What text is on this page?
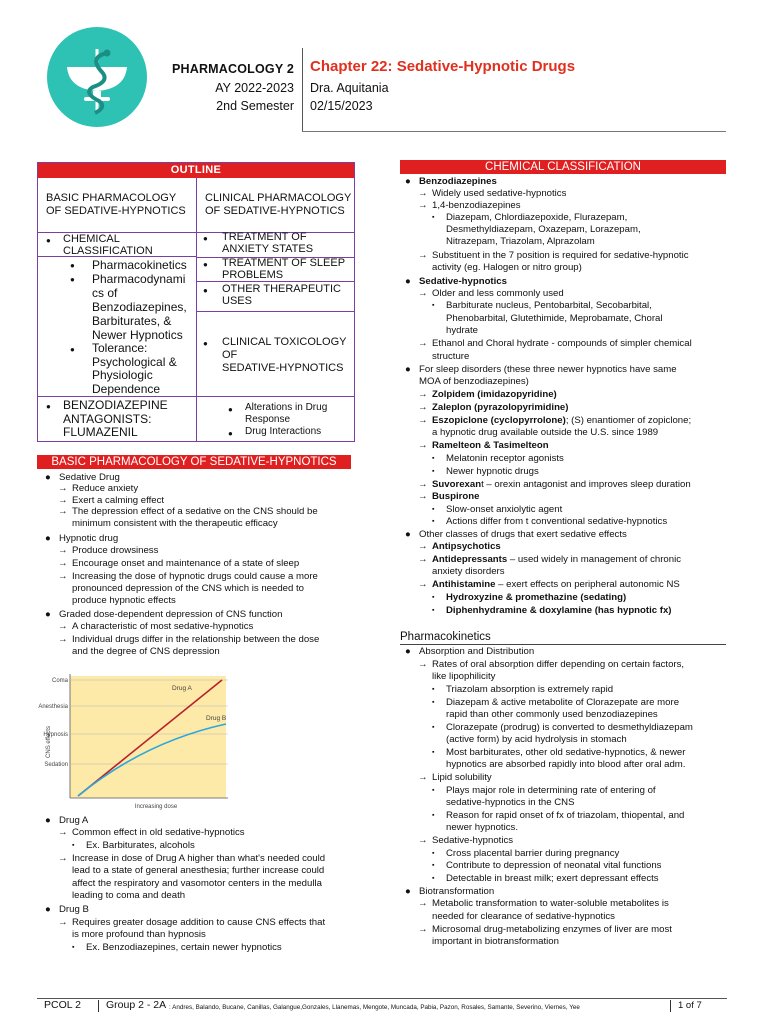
PHARMACOLOGY 2
AY 2022-2023
2nd Semester
Chapter 22: Sedative-Hypnotic Drugs
Dra. Aquitania
02/15/2023
OUTLINE
BASIC PHARMACOLOGY
OF SEDATIVE-HYPNOTICS
CLINICAL PHARMACOLOGY
OF SEDATIVE-HYPNOTICS
● CHEMICAL
CLASSIFICATION
● Pharmacokinetics
● Pharmacodynami
cs of
Benzodiazepines,
Barbiturates, &
Newer Hypnotics
● Tolerance:
Psychological &
Physiologic
Dependence
● BENZODIAZEPINE
ANTAGONISTS:
FLUMAZENIL
● TREATMENT OF
ANXIETY STATES
● TREATMENT OF SLEEP
PROBLEMS
● OTHER THERAPEUTIC
USES
● CLINICAL TOXICOLOGY
OF
SEDATIVE-HYPNOTICS
● Alterations in Drug
Response
● Drug Interactions
BASIC PHARMACOLOGY OF SEDATIVE-HYPNOTICS
● Sedative Drug
→ Reduce anxiety
→ Exert a calming effect
→ The depression effect of a sedative on the CNS should be
minimum consistent with the therapeutic efficacy
● Hypnotic drug
→ Produce drowsiness
→ Encourage onset and maintenance of a state of sleep
→ Increasing the dose of hypnotic drugs could cause a more
pronounced depression of the CNS which is needed to
produce hypnotic effects
● Graded dose-dependent depression of CNS function
→ A characteristic of most sedative-hypnotics
→ Individual drugs differ in the relationship between the dose
and the degree of CNS depression
Coma
Anesthesia
Hypnosis
Sedation
CNS effects
Increasing dose
Drug A
Drug B
● Drug A
→ Common effect in old sedative-hypnotics
▪ Ex. Barbiturates, alcohols
→ Increase in dose of Drug A higher than what's needed could
lead to a state of general anesthesia; further increase could
affect the respiratory and vasomotor centers in the medulla
leading to coma and death
● Drug B
→ Requires greater dosage addition to cause CNS effects that
is more profound than hypnosis
▪ Ex. Benzodiazepines, certain newer hypnotics
CHEMICAL CLASSIFICATION
● Benzodiazepines
→ Widely used sedative-hypnotics
→ 1,4-benzodiazepines
▪ Diazepam, Chlordiazepoxide, Flurazepam,
Desmethyldiazepam, Oxazepam, Lorazepam,
Nitrazepam, Triazolam, Alprazolam
→ Substituent in the 7 position is required for sedative-hypnotic
activity (eg. Halogen or nitro group)
● Sedative-hypnotics
→ Older and less commonly used
▪ Barbiturate nucleus, Pentobarbital, Secobarbital,
Phenobarbital, Glutethimide, Meprobamate, Choral
hydrate
→ Ethanol and Choral hydrate - compounds of simpler chemical
structure
● For sleep disorders (these three newer hypnotics have same
MOA of benzodiazepines)
→ Zolpidem (imidazopyridine)
→ Zaleplon (pyrazolopyrimidine)
→ Eszopiclone (cyclopyrrolone); (S) enantiomer of zopiclone;
a hypnotic drug available outside the U.S. since 1989
→ Ramelteon & Tasimelteon
▪ Melatonin receptor agonists
▪ Newer hypnotic drugs
→ Suvorexant – orexin antagonist and improves sleep duration
→ Buspirone
▪ Slow-onset anxiolytic agent
▪ Actions differ from t conventional sedative-hypnotics
● Other classes of drugs that exert sedative effects
→ Antipsychotics
→ Antidepressants – used widely in management of chronic
anxiety disorders
→ Antihistamine – exert effects on peripheral autonomic NS
▪ Hydroxyzine & promethazine (sedating)
▪ Diphenhydramine & doxylamine (has hypnotic fx)
Pharmacokinetics
● Absorption and Distribution
→ Rates of oral absorption differ depending on certain factors,
like lipophilicity
▪ Triazolam absorption is extremely rapid
▪ Diazepam & active metabolite of Clorazepate are more
rapid than other commonly used benzodiazepines
▪ Clorazepate (prodrug) is converted to desmethyldiazepam
(active form) by acid hydrolysis in stomach
▪ Most barbiturates, other old sedative-hypnotics, & newer
hypnotics are absorbed rapidly into blood after oral adm.
→ Lipid solubility
▪ Plays major role in determining rate of entering of
sedative-hypnotics in the CNS
▪ Reason for rapid onset of fx of triazolam, thiopental, and
newer hypnotics.
→ Sedative-hypnotics
▪ Cross placental barrier during pregnancy
▪ Contribute to depression of neonatal vital functions
▪ Detectable in breast milk; exert depressant effects
● Biotransformation
→ Metabolic transformation to water-soluble metabolites is
needed for clearance of sedative-hypnotics
→ Microsomal drug-metabolizing enzymes of liver are most
important in biotransformation
PCOL 2 Group 2 - 2A : Andres, Balando, Bucane, Canillas, Galangue,Gonzales, Llanemas, Mengote, Muncada, Pabia, Pazon, Rosales, Samante, Severino, Viernes, Yee	1 of 7
